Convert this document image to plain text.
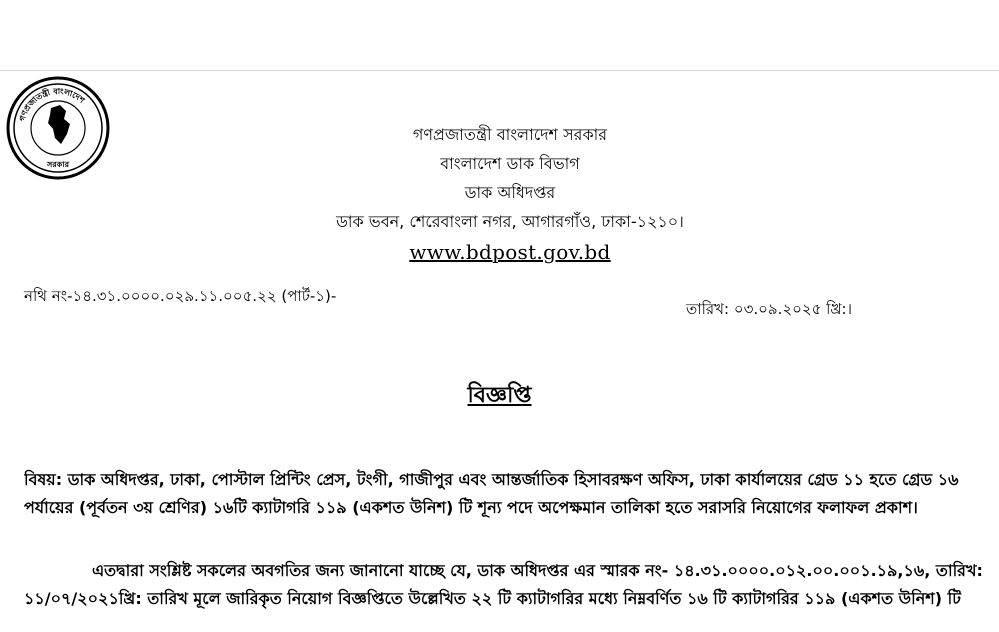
গণপ্রজাতন্ত্রী বাংলাদেশ
সরকার
গণপ্রজাতন্ত্রী বাংলাদেশ সরকার
বাংলাদেশ ডাক বিভাগ
ডাক অধিদপ্তর
ডাক ভবন, শেরেবাংলা নগর, আগারগাঁও, ঢাকা-১২১০।
www.bdpost.gov.bd
নথি নং-১৪.৩১.০০০০.০২৯.১১.০০৫.২২ (পার্ট-১)-
তারিখ: ০৩.০৯.২০২৫ খ্রি:।
বিজ্ঞপ্তি
বিষয়: ডাক অধিদপ্তর, ঢাকা, পোস্টাল প্রিন্টিং প্রেস, টংগী, গাজীপুর এবং আন্তর্জাতিক হিসাবরক্ষণ অফিস, ঢাকা কার্যালয়ের গ্রেড ১১ হতে গ্রেড ১৬
পর্যায়ের (পূর্বতন ৩য় শ্রেণির) ১৬টি ক্যাটাগরি ১১৯ (একশত উনিশ) টি শূন্য পদে অপেক্ষমান তালিকা হতে সরাসরি নিয়োগের ফলাফল প্রকাশ।
এতদ্বারা সংশ্লিষ্ট সকলের অবগতির জন্য জানানো যাচ্ছে যে, ডাক অধিদপ্তর এর স্মারক নং- ১৪.৩১.০০০০.০১২.০০.০০১.১৯,১৬, তারিখ:
১১/০৭/২০২১খ্রি: তারিখ মূলে জারিকৃত নিয়োগ বিজ্ঞপ্তিতে উল্লেখিত ২২ টি ক্যাটাগরির মধ্যে নিম্নবর্ণিত ১৬ টি ক্যাটাগরির ১১৯ (একশত উনিশ) টি
